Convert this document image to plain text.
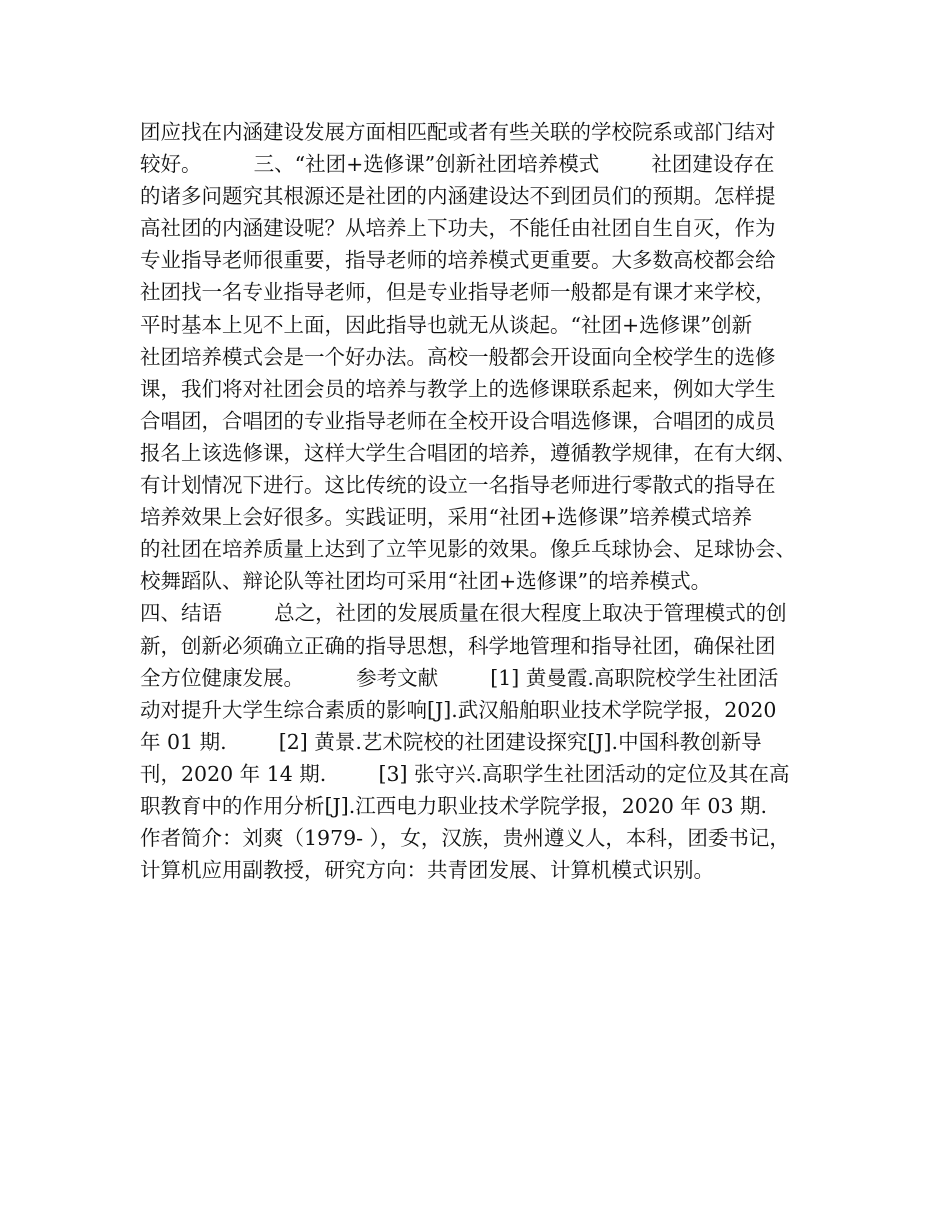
团应找在内涵建设发展方面相匹配或者有些关联的学校院系或部门结对
较好。        三、“社团+选修课”创新社团培养模式        社团建设存在
的诸多问题究其根源还是社团的内涵建设达不到团员们的预期。怎样提
高社团的内涵建设呢？从培养上下功夫，不能任由社团自生自灭，作为
专业指导老师很重要，指导老师的培养模式更重要。大多数高校都会给
社团找一名专业指导老师，但是专业指导老师一般都是有课才来学校，
平时基本上见不上面，因此指导也就无从谈起。“社团+选修课”创新
社团培养模式会是一个好办法。高校一般都会开设面向全校学生的选修
课，我们将对社团会员的培养与教学上的选修课联系起来，例如大学生
合唱团，合唱团的专业指导老师在全校开设合唱选修课，合唱团的成员
报名上该选修课，这样大学生合唱团的培养，遵循教学规律，在有大纲、
有计划情况下进行。这比传统的设立一名指导老师进行零散式的指导在
培养效果上会好很多。实践证明，采用“社团+选修课”培养模式培养
的社团在培养质量上达到了立竿见影的效果。像乒乓球协会、足球协会、
校舞蹈队、辩论队等社团均可采用“社团+选修课”的培养模式。
四、结语        总之，社团的发展质量在很大程度上取决于管理模式的创
新，创新必须确立正确的指导思想，科学地管理和指导社团，确保社团
全方位健康发展。        参考文献        [1] 黄曼霞.高职院校学生社团活
动对提升大学生综合素质的影响[J].武汉船舶职业技术学院学报，2020
年 01 期.        [2] 黄景.艺术院校的社团建设探究[J].中国科教创新导
刊，2020 年 14 期.        [3] 张守兴.高职学生社团活动的定位及其在高
职教育中的作用分析[J].江西电力职业技术学院学报，2020 年 03 期.
作者简介：刘爽（1979- ），女，汉族，贵州遵义人，本科，团委书记，
计算机应用副教授，研究方向：共青团发展、计算机模式识别。
